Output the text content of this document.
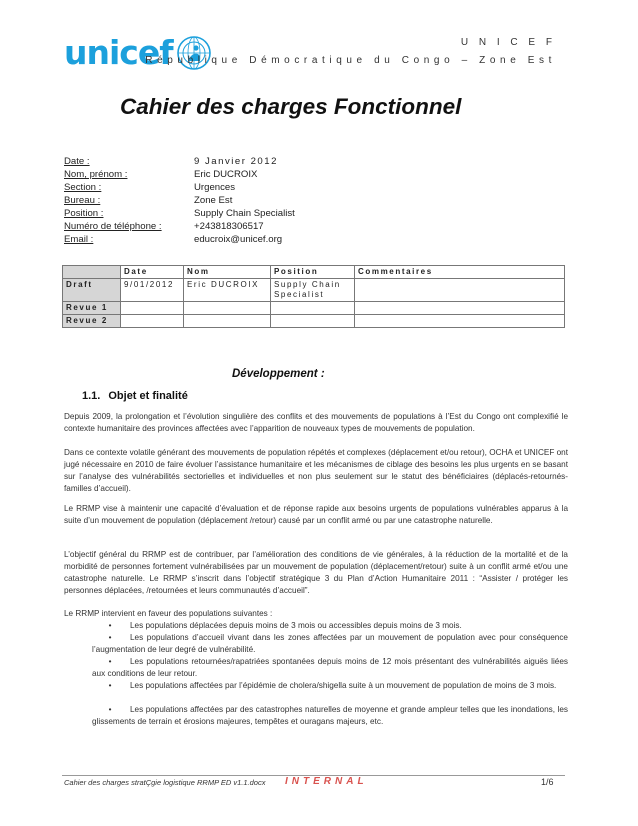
unicef	U N I C E F
République Démocratique du Congo – Zone Est
Cahier des charges Fonctionnel
Date :	9 Janvier 2012
Nom, prénom :	Eric DUCROIX
Section :	Urgences
Bureau :	Zone Est
Position :	Supply Chain Specialist
Numéro de téléphone :	+243818306517
Email :	educroix@unicef.org
	Date	Nom	Position	Commentaires
Draft	9/01/2012	Eric DUCROIX	Supply Chain Specialist	
Revue 1				
Revue 2				
Développement :
1.1. Objet et finalité
Depuis 2009, la prolongation et l’évolution singulière des conflits et des mouvements de populations à l’Est du Congo ont complexifié le contexte humanitaire des provinces affectées avec l’apparition de nouveaux types de mouvements de population.
Dans ce contexte volatile générant des mouvements de population répétés et complexes (déplacement et/ou retour), OCHA et UNICEF ont jugé nécessaire en 2010 de faire évoluer l’assistance humanitaire et les mécanismes de ciblage des besoins les plus urgents en se basant sur l’analyse des vulnérabilités sectorielles et individuelles et non plus seulement sur le statut des bénéficiaires (déplacés-retournés-familles d’accueil).
Le RRMP vise à maintenir une capacité d’évaluation et de réponse rapide aux besoins urgents de populations vulnérables apparus à la suite d’un mouvement de population (déplacement /retour) causé par un conflit armé ou par une catastrophe naturelle.
L’objectif général du RRMP est de contribuer, par l’amélioration des conditions de vie générales, à la réduction de la mortalité et de la morbidité de personnes fortement vulnérabilisées par un mouvement de population (déplacement/retour) suite à un conflit armé et/ou une catastrophe naturelle. Le RRMP s’inscrit dans l’objectif stratégique 3 du Plan d’Action Humanitaire 2011 : “Assister / protéger les personnes déplacées, /retournées et leurs communautés d’accueil”.
Le RRMP intervient en faveur des populations suivantes :
• Les populations déplacées depuis moins de 3 mois ou accessibles depuis moins de 3 mois.
• Les populations d’accueil vivant dans les zones affectées par un mouvement de population avec pour conséquence l’augmentation de leur degré de vulnérabilité.
• Les populations retournées/rapatriées spontanées depuis moins de 12 mois présentant des vulnérabilités aiguës liées aux conditions de leur retour.
• Les populations affectées par l’épidémie de cholera/shigella suite à un mouvement de population de moins de 3 mois.
• Les populations affectées par des catastrophes naturelles de moyenne et grande ampleur telles que les inondations, les glissements de terrain et érosions majeures, tempêtes et ouragans majeurs, etc.
Cahier des charges stratÇgie logistique RRMP ED v1.1.docx INTERNAL	1/6
